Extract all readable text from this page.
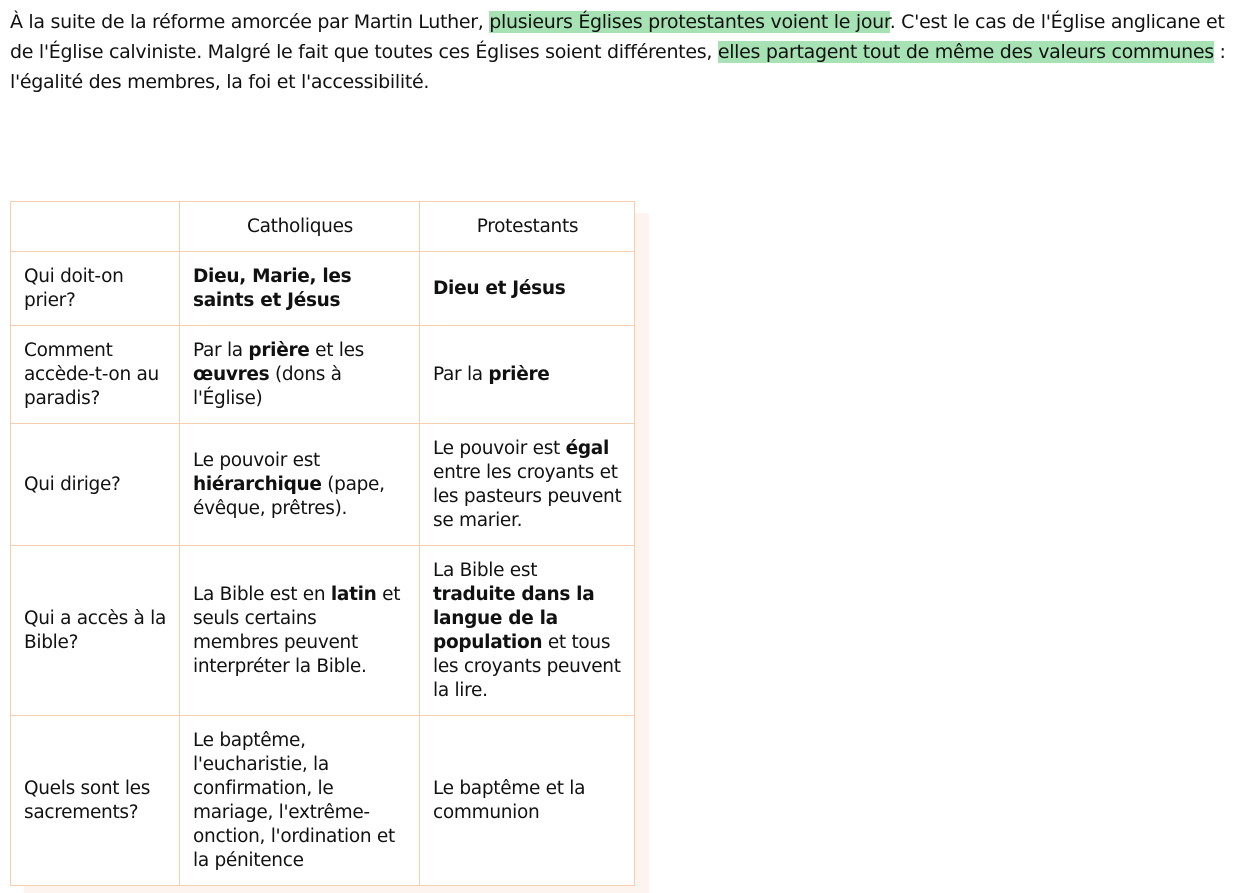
À la suite de la réforme amorcée par Martin Luther, plusieurs Églises protestantes voient le jour. C'est le cas de l'Église anglicane et de l'Église calviniste. Malgré le fait que toutes ces Églises soient différentes, elles partagent tout de même des valeurs communes : l'égalité des membres, la foi et l'accessibilité.

	Catholiques	Protestants
Qui doit-on prier?	Dieu, Marie, les saints et Jésus	Dieu et Jésus
Comment accède-t-on au paradis?	Par la prière et les œuvres (dons à l'Église)	Par la prière
Qui dirige?	Le pouvoir est hiérarchique (pape, évêque, prêtres).	Le pouvoir est égal entre les croyants et les pasteurs peuvent se marier.
Qui a accès à la Bible?	La Bible est en latin et seuls certains membres peuvent interpréter la Bible.	La Bible est traduite dans la langue de la population et tous les croyants peuvent la lire.
Quels sont les sacrements?	Le baptême, l'eucharistie, la confirmation, le mariage, l'extrême-onction, l'ordination et la pénitence	Le baptême et la communion
